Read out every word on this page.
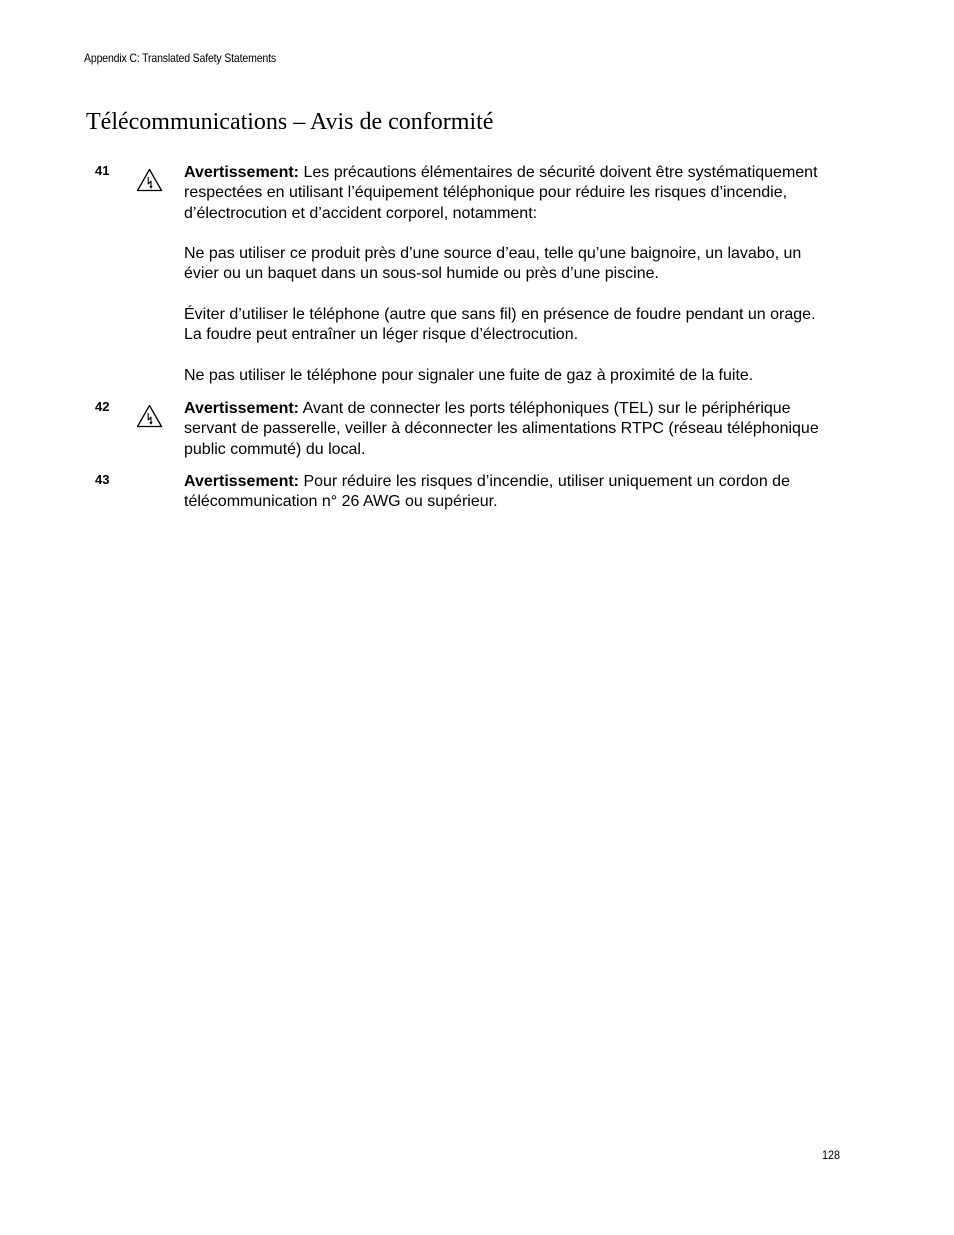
Appendix C: Translated Safety Statements
Télécommunications – Avis de conformité
41	Avertissement: Les précautions élémentaires de sécurité doivent être systématiquement respectées en utilisant l’équipement téléphonique pour réduire les risques d’incendie, d’électrocution et d’accident corporel, notamment:

Ne pas utiliser ce produit près d’une source d’eau, telle qu’une baignoire, un lavabo, un évier ou un baquet dans un sous-sol humide ou près d’une piscine.

Éviter d’utiliser le téléphone (autre que sans fil) en présence de foudre pendant un orage. La foudre peut entraîner un léger risque d’électrocution.

Ne pas utiliser le téléphone pour signaler une fuite de gaz à proximité de la fuite.

42	Avertissement: Avant de connecter les ports téléphoniques (TEL) sur le périphérique servant de passerelle, veiller à déconnecter les alimentations RTPC (réseau téléphonique public commuté) du local.

43	Avertissement: Pour réduire les risques d’incendie, utiliser uniquement un cordon de télécommunication n° 26 AWG ou supérieur.

128
